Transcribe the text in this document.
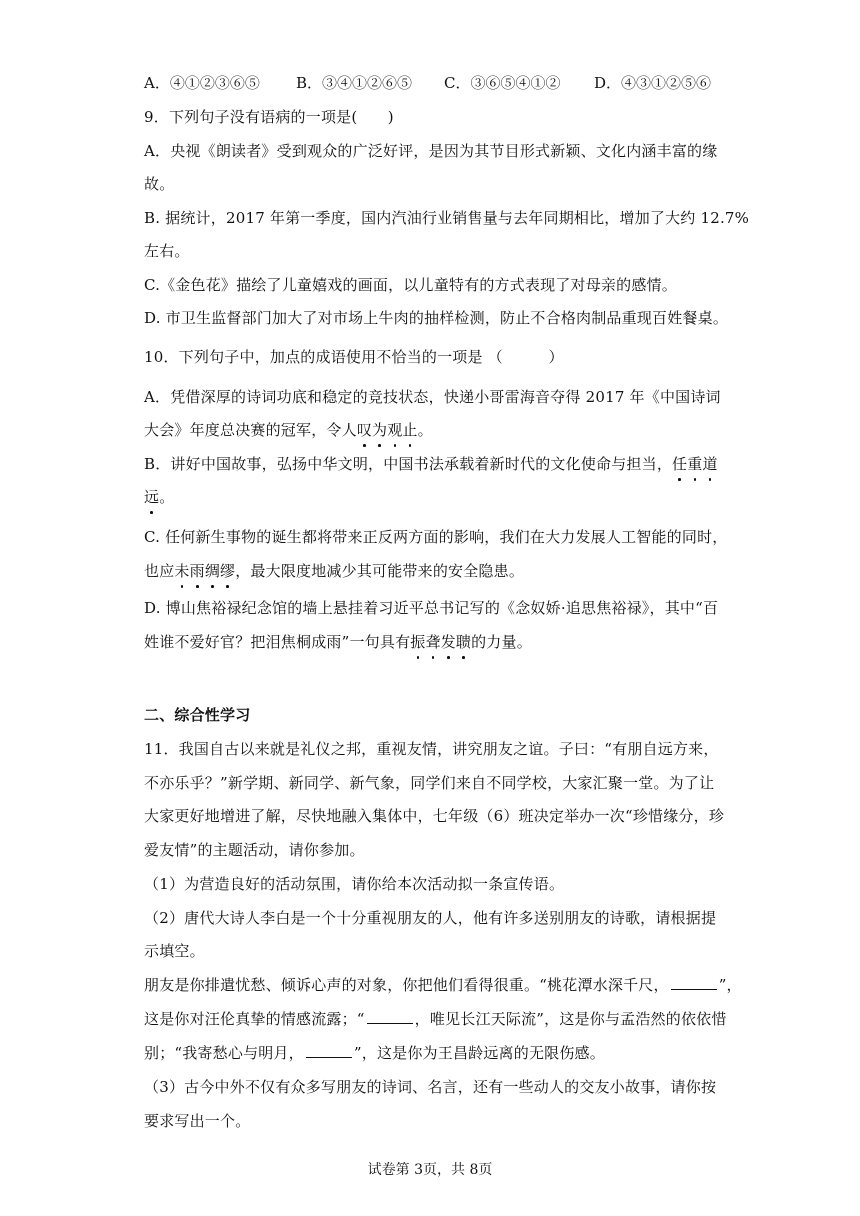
A．④①②③⑥⑤ B．③④①②⑥⑤ C．③⑥⑤④①② D．④③①②⑤⑥
9．下列句子没有语病的一项是(　　)
A．央视《朗读者》受到观众的广泛好评，是因为其节目形式新颖、文化内涵丰富的缘
故。
B. 据统计，2017 年第一季度，国内汽油行业销售量与去年同期相比，增加了大约 12.7%
左右。
C.《金色花》描绘了儿童嬉戏的画面，以儿童特有的方式表现了对母亲的感情。
D. 市卫生监督部门加大了对市场上牛肉的抽样检测，防止不合格肉制品重现百姓餐桌。
10．下列句子中，加点的成语使用不恰当的一项是 （　　　）
A．凭借深厚的诗词功底和稳定的竞技状态，快递小哥雷海音夺得 2017 年《中国诗词
大会》年度总决赛的冠军，令人叹为观止。
B．讲好中国故事，弘扬中华文明，中国书法承载着新时代的文化使命与担当，任重道
远。
C. 任何新生事物的诞生都将带来正反两方面的影响，我们在大力发展人工智能的同时，
也应未雨绸缪，最大限度地减少其可能带来的安全隐患。
D. 博山焦裕禄纪念馆的墙上悬挂着习近平总书记写的《念奴娇·追思焦裕禄》，其中“百
姓谁不爱好官？把泪焦桐成雨”一句具有振聋发聩的力量。
二、综合性学习
11．我国自古以来就是礼仪之邦，重视友情，讲究朋友之谊。子曰：“有朋自远方来，
不亦乐乎？”新学期、新同学、新气象，同学们来自不同学校，大家汇聚一堂。为了让
大家更好地增进了解，尽快地融入集体中，七年级（6）班决定举办一次“珍惜缘分，珍
爱友情”的主题活动，请你参加。
（1）为营造良好的活动氛围，请你给本次活动拟一条宣传语。
（2）唐代大诗人李白是一个十分重视朋友的人，他有许多送别朋友的诗歌，请根据提
示填空。
朋友是你排遣忧愁、倾诉心声的对象，你把他们看得很重。“桃花潭水深千尺，	”，
这是你对汪伦真挚的情感流露；“	，唯见长江天际流”，这是你与孟浩然的依依惜
别；“我寄愁心与明月，	”，这是你为王昌龄远离的无限伤感。
（3）古今中外不仅有众多写朋友的诗词、名言，还有一些动人的交友小故事，请你按
要求写出一个。
试卷第 3页，共 8页
